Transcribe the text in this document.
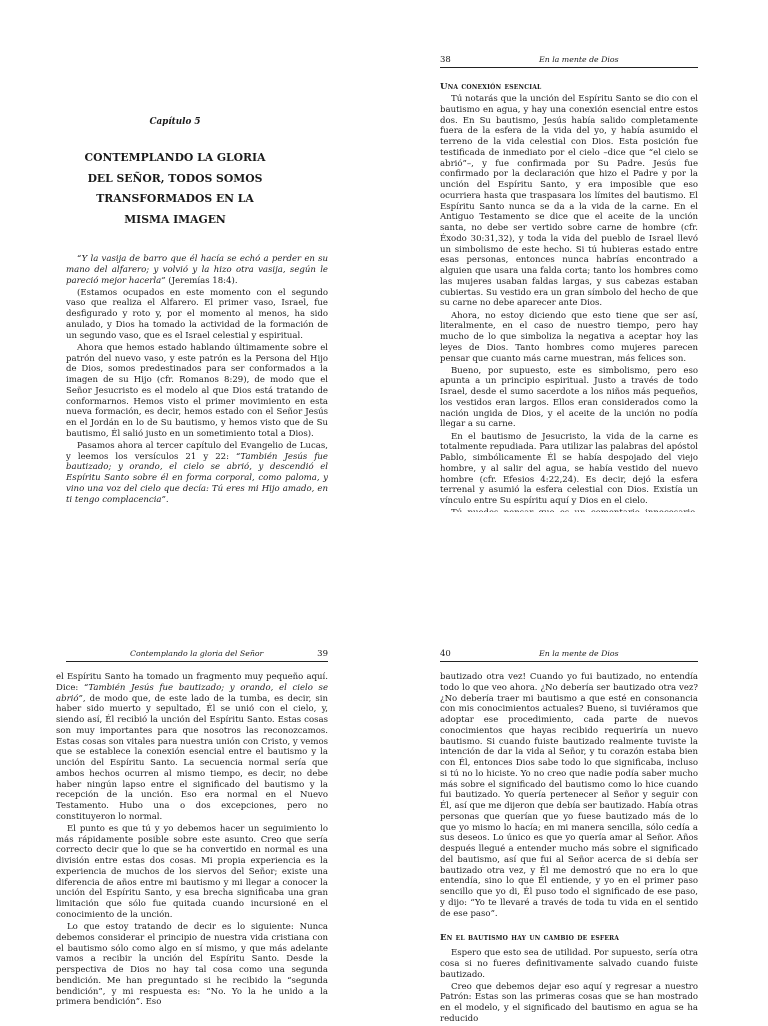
Capítulo 5
CONTEMPLANDO LA GLORIA DEL SEÑOR, TODOS SOMOS TRANSFORMADOS EN LA MISMA IMAGEN

“Y la vasija de barro que él hacía se echó a perder en su mano del alfarero; y volvió y la hizo otra vasija, según le pareció mejor hacerla” (Jeremías 18:4).

(Estamos ocupados en este momento con el segundo vaso que realiza el Alfarero. El primer vaso, Israel, fue desfigurado y roto y, por el momento al menos, ha sido anulado, y Dios ha tomado la actividad de la formación de un segundo vaso, que es el Israel celestial y espiritual.

Ahora que hemos estado hablando últimamente sobre el patrón del nuevo vaso, y este patrón es la Persona del Hijo de Dios, somos predestinados para ser conformados a la imagen de su Hijo (cfr. Romanos 8:29), de modo que el Señor Jesucristo es el modelo al que Dios está tratando de conformarnos. Hemos visto el primer movimiento en esta nueva formación, es decir, hemos estado con el Señor Jesús en el Jordán en lo de Su bautismo, y hemos visto que de Su bautismo, Él salió justo en un sometimiento total a Dios).

Pasamos ahora al tercer capítulo del Evangelio de Lucas, y leemos los versículos 21 y 22: “También Jesús fue bautizado; y orando, el cielo se abrió, y descendió el Espíritu Santo sobre él en forma corporal, como paloma, y vino una voz del cielo que decía: Tú eres mi Hijo amado, en ti tengo complacencia”.

38	En la mente de Dios

Una conexión esencial

Tú notarás que la unción del Espíritu Santo se dio con el bautismo en agua, y hay una conexión esencial entre estos dos. En Su bautismo, Jesús había salido completamente fuera de la esfera de la vida del yo, y había asumido el terreno de la vida celestial con Dios. Esta posición fue testificada de inmediato por el cielo –dice que “el cielo se abrió”–, y fue confirmada por Su Padre. Jesús fue confirmado por la declaración que hizo el Padre y por la unción del Espíritu Santo, y era imposible que eso ocurriera hasta que traspasara los límites del bautismo. El Espíritu Santo nunca se da a la vida de la carne. En el Antiguo Testamento se dice que el aceite de la unción santa, no debe ser vertido sobre carne de hombre (cfr. Éxodo 30:31,32), y toda la vida del pueblo de Israel llevó un simbolismo de este hecho. Si tú hubieras estado entre esas personas, entonces nunca habrías encontrado a alguien que usara una falda corta; tanto los hombres como las mujeres usaban faldas largas, y sus cabezas estaban cubiertas. Su vestido era un gran símbolo del hecho de que su carne no debe aparecer ante Dios.

Ahora, no estoy diciendo que esto tiene que ser así, literalmente, en el caso de nuestro tiempo, pero hay mucho de lo que simboliza la negativa a aceptar hoy las leyes de Dios. Tanto hombres como mujeres parecen pensar que cuanto más carne muestran, más felices son.

Bueno, por supuesto, este es simbolismo, pero eso apunta a un principio espiritual. Justo a través de todo Israel, desde el sumo sacerdote a los niños más pequeños, los vestidos eran largos. Ellos eran considerados como la nación ungida de Dios, y el aceite de la unción no podía llegar a su carne.

En el bautismo de Jesucristo, la vida de la carne es totalmente repudiada. Para utilizar las palabras del apóstol Pablo, simbólicamente Él se había despojado del viejo hombre, y al salir del agua, se había vestido del nuevo hombre (cfr. Efesios 4:22,24). Es decir, dejó la esfera terrenal y asumió la esfera celestial con Dios. Existía un vínculo entre Su espíritu aquí y Dios en el cielo.

Contemplando la gloria del Señor	39

el Espíritu Santo ha tomado un fragmento muy pequeño aquí. Dice: “También Jesús fue bautizado; y orando, el cielo se abrió”, de modo que, de este lado de la tumba, es decir, sin haber sido muerto y sepultado, Él se unió con el cielo, y, siendo así, Él recibió la unción del Espíritu Santo. Estas cosas son muy importantes para que nosotros las reconozcamos. Estas cosas son vitales para nuestra unión con Cristo, y vemos que se establece la conexión esencial entre el bautismo y la unción del Espíritu Santo. La secuencia normal sería que ambos hechos ocurren al mismo tiempo, es decir, no debe haber ningún lapso entre el significado del bautismo y la recepción de la unción. Eso era normal en el Nuevo Testamento. Hubo una o dos excepciones, pero no constituyeron lo normal.

El punto es que tú y yo debemos hacer un seguimiento lo más rápidamente posible sobre este asunto. Creo que sería correcto decir que lo que se ha convertido en normal es una división entre estas dos cosas. Mi propia experiencia es la experiencia de muchos de los siervos del Señor; existe una diferencia de años entre mi bautismo y mi llegar a conocer la unción del Espíritu Santo, y esa brecha significaba una gran limitación que sólo fue quitada cuando incursioné en el conocimiento de la unción.

Lo que estoy tratando de decir es lo siguiente: Nunca debemos considerar el principio de nuestra vida cristiana con el bautismo sólo como algo en sí mismo, y que más adelante vamos a recibir la unción del Espíritu Santo. Desde la perspectiva de Dios no hay tal cosa como una segunda bendición. Me han preguntado si he recibido la “segunda bendición”, y mi respuesta es: “No. Yo la he unido a la primera bendición”. Eso

40	En la mente de Dios

bautizado otra vez! Cuando yo fui bautizado, no entendía todo lo que veo ahora. ¿No debería ser bautizado otra vez? ¿No debería traer mi bautismo a que esté en consonancia con mis conocimientos actuales? Bueno, si tuviéramos que adoptar ese procedimiento, cada parte de nuevos conocimientos que hayas recibido requeriría un nuevo bautismo. Si cuando fuiste bautizado realmente tuviste la intención de dar la vida al Señor, y tu corazón estaba bien con Él, entonces Dios sabe todo lo que significaba, incluso si tú no lo hiciste. Yo no creo que nadie podía saber mucho más sobre el significado del bautismo como lo hice cuando fui bautizado. Yo quería pertenecer al Señor y seguir con Él, así que me dijeron que debía ser bautizado. Había otras personas que querían que yo fuese bautizado más de lo que yo mismo lo hacía; en mi manera sencilla, sólo cedía a sus deseos. Lo único es que yo quería amar al Señor. Años después llegué a entender mucho más sobre el significado del bautismo, así que fui al Señor acerca de si debía ser bautizado otra vez, y Él me demostró que no era lo que entendía, sino lo que Él entiende, y yo en el primer paso sencillo que yo di, Él puso todo el significado de ese paso, y dijo: “Yo te llevaré a través de toda tu vida en el sentido de ese paso”.

En el bautismo hay un cambio de esfera

Espero que esto sea de utilidad. Por supuesto, sería otra cosa si no fueres definitivamente salvado cuando fuiste bautizado.

Creo que debemos dejar eso aquí y regresar a nuestro Patrón: Estas son las primeras cosas que se han mostrado en el modelo, y el significado del bautismo en agua se ha reducido
